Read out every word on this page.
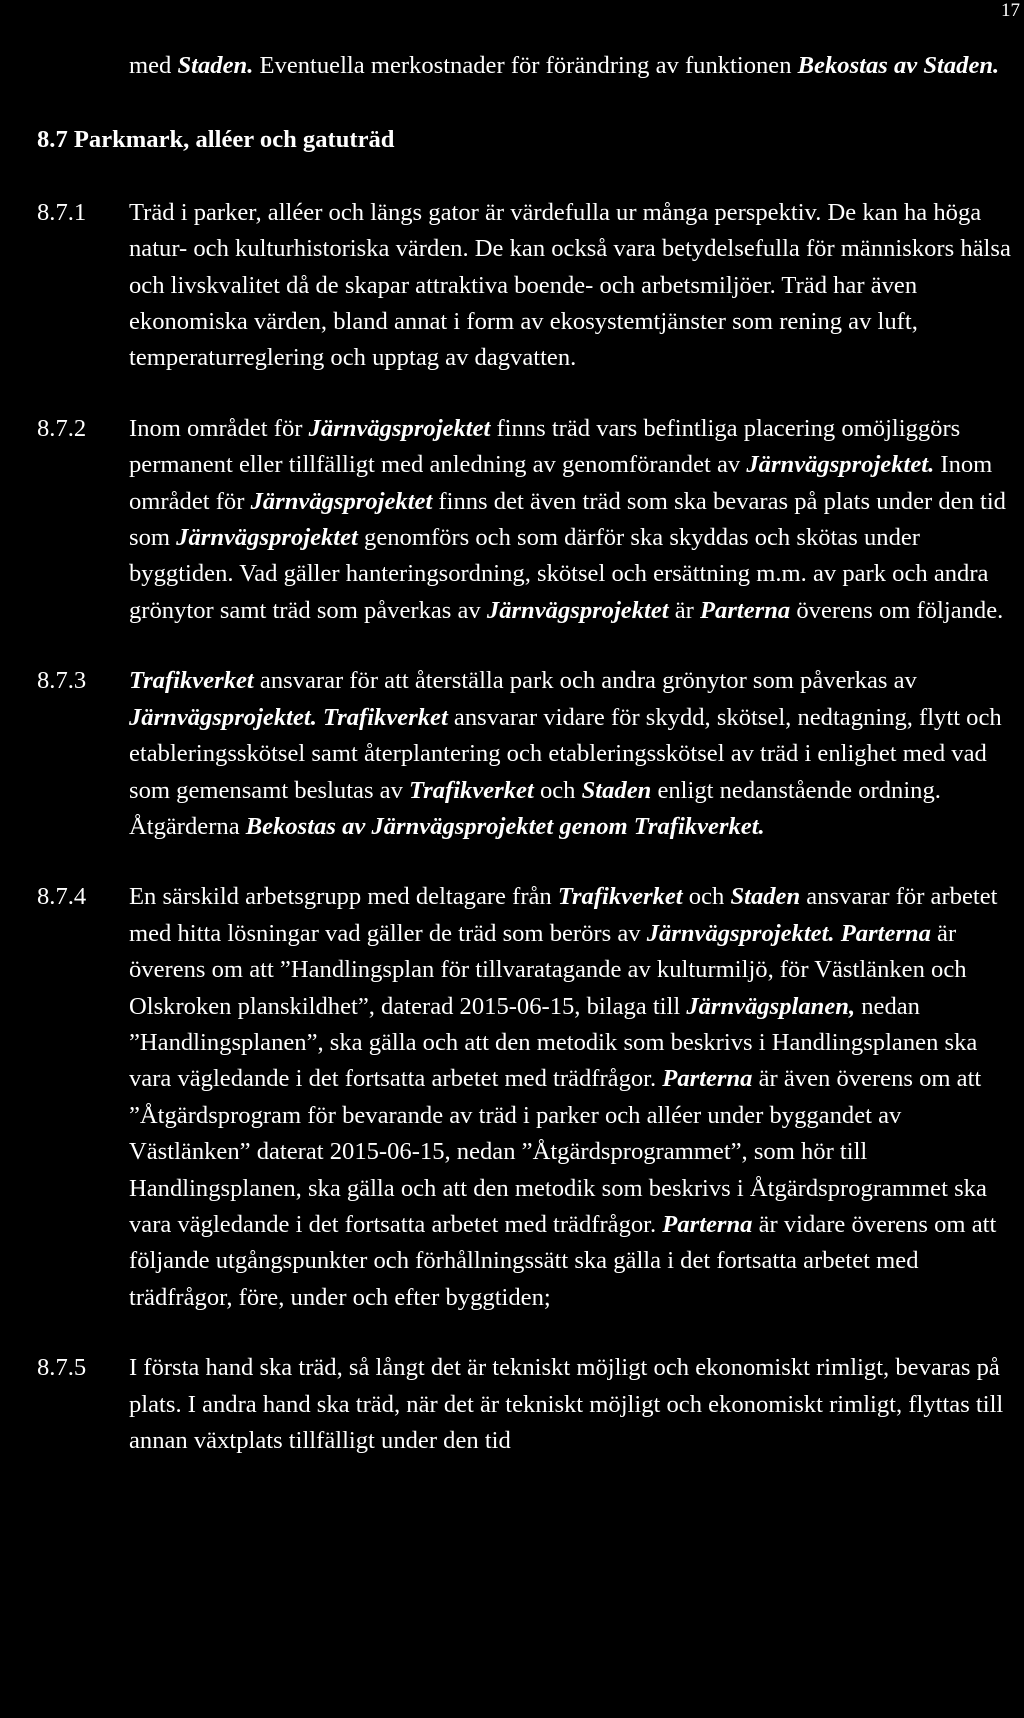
17
med Staden. Eventuella merkostnader för förändring av funktionen Bekostas av Staden.
8.7 Parkmark, alléer och gatuträd
8.7.1 Träd i parker, alléer och längs gator är värdefulla ur många perspektiv. De kan ha höga natur- och kulturhistoriska värden. De kan också vara betydelsefulla för människors hälsa och livskvalitet då de skapar attraktiva boende- och arbetsmiljöer. Träd har även ekonomiska värden, bland annat i form av ekosystemtjänster som rening av luft, temperaturreglering och upptag av dagvatten.
8.7.2 Inom området för Järnvägsprojektet finns träd vars befintliga placering omöjliggörs permanent eller tillfälligt med anledning av genomförandet av Järnvägsprojektet. Inom området för Järnvägsprojektet finns det även träd som ska bevaras på plats under den tid som Järnvägsprojektet genomförs och som därför ska skyddas och skötas under byggtiden. Vad gäller hanteringsordning, skötsel och ersättning m.m. av park och andra grönytor samt träd som påverkas av Järnvägsprojektet är Parterna överens om följande.
8.7.3 Trafikverket ansvarar för att återställa park och andra grönytor som påverkas av Järnvägsprojektet. Trafikverket ansvarar vidare för skydd, skötsel, nedtagning, flytt och etableringsskötsel samt återplantering och etableringsskötsel av träd i enlighet med vad som gemensamt beslutas av Trafikverket och Staden enligt nedanstående ordning. Åtgärderna Bekostas av Järnvägsprojektet genom Trafikverket.
8.7.4 En särskild arbetsgrupp med deltagare från Trafikverket och Staden ansvarar för arbetet med hitta lösningar vad gäller de träd som berörs av Järnvägsprojektet. Parterna är överens om att ”Handlingsplan för tillvaratagande av kulturmiljö, för Västlänken och Olskroken planskildhet”, daterad 2015-06-15, bilaga till Järnvägsplanen, nedan ”Handlingsplanen”, ska gälla och att den metodik som beskrivs i Handlingsplanen ska vara vägledande i det fortsatta arbetet med trädfrågor. Parterna är även överens om att ”Åtgärdsprogram för bevarande av träd i parker och alléer under byggandet av Västlänken” daterat 2015-06-15, nedan ”Åtgärdsprogrammet”, som hör till Handlingsplanen, ska gälla och att den metodik som beskrivs i Åtgärdsprogrammet ska vara vägledande i det fortsatta arbetet med trädfrågor. Parterna är vidare överens om att följande utgångspunkter och förhållningssätt ska gälla i det fortsatta arbetet med trädfrågor, före, under och efter byggtiden;
8.7.5 I första hand ska träd, så långt det är tekniskt möjligt och ekonomiskt rimligt, bevaras på plats. I andra hand ska träd, när det är tekniskt möjligt och ekonomiskt rimligt, flyttas till annan växtplats tillfälligt under den tid
